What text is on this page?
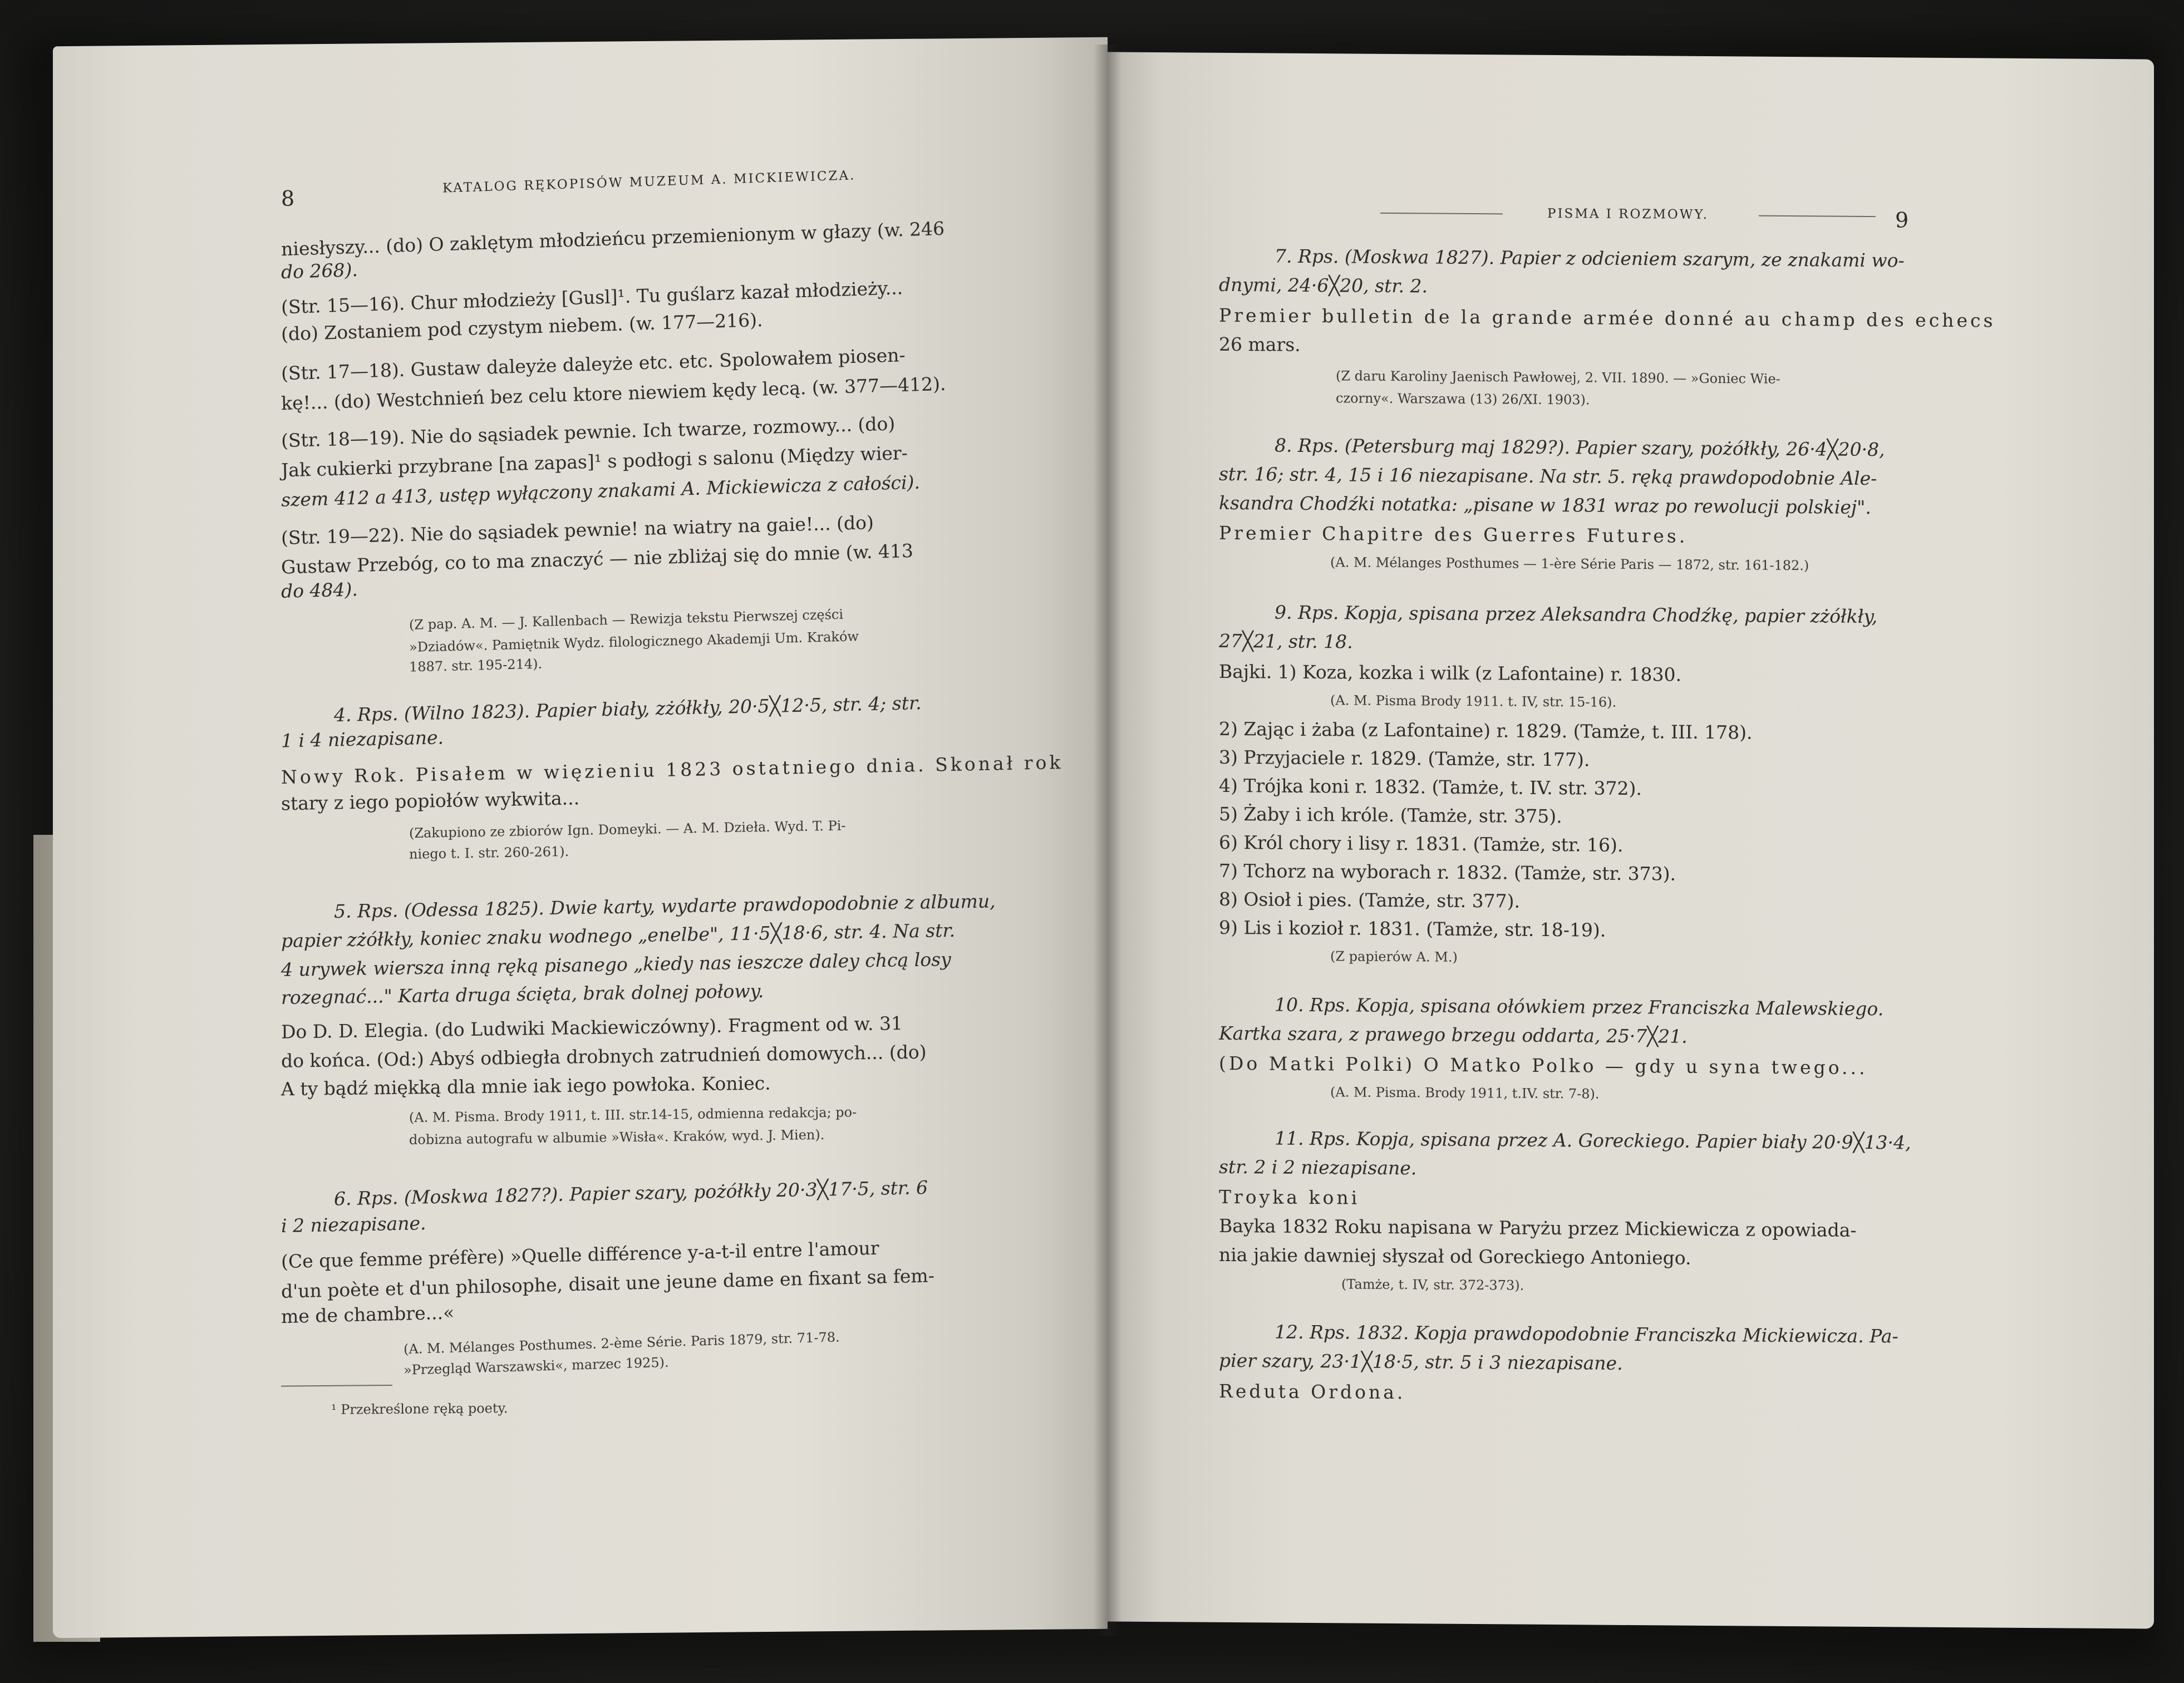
8
KATALOG RĘKOPISÓW MUZEUM A. MICKIEWICZA.
niesłyszy... (do) O zaklętym młodzieńcu przemienionym w głazy (w. 246
do 268).
(Str. 15—16). Chur młodzieży [Gusl]¹. Tu guślarz kazał młodzieży...
(do) Zostaniem pod czystym niebem. (w. 177—216).
(Str. 17—18). Gustaw daleyże daleyże etc. etc. Spolowałem piosen-
kę!... (do) Westchnień bez celu ktore niewiem kędy lecą. (w. 377—412).
(Str. 18—19). Nie do sąsiadek pewnie. Ich twarze, rozmowy... (do)
Jak cukierki przybrane [na zapas]¹ s podłogi s salonu (Między wier-
szem 412 a 413, ustęp wyłączony znakami A. Mickiewicza z całości).
(Str. 19—22). Nie do sąsiadek pewnie! na wiatry na gaie!... (do)
Gustaw Przebóg, co to ma znaczyć — nie zbliżaj się do mnie (w. 413
do 484).
(Z pap. A. M. — J. Kallenbach — Rewizja tekstu Pierwszej części
»Dziadów«. Pamiętnik Wydz. filologicznego Akademji Um. Kraków
1887. str. 195-214).
4. Rps. (Wilno 1823). Papier biały, zżółkły, 20·5╳12·5, str. 4; str.
1 i 4 niezapisane.
Nowy Rok. Pisałem w więzieniu 1823 ostatniego dnia. Skonał rok
stary z iego popiołów wykwita...
(Zakupiono ze zbiorów Ign. Domeyki. — A. M. Dzieła. Wyd. T. Pi-
niego t. I. str. 260-261).
5. Rps. (Odessa 1825). Dwie karty, wydarte prawdopodobnie z albumu,
papier zżółkły, koniec znaku wodnego „enelbe", 11·5╳18·6, str. 4. Na str.
4 urywek wiersza inną ręką pisanego „kiedy nas ieszcze daley chcą losy
rozegnać..." Karta druga ścięta, brak dolnej połowy.
Do D. D. Elegia. (do Ludwiki Mackiewiczówny). Fragment od w. 31
do końca. (Od:) Abyś odbiegła drobnych zatrudnień domowych... (do)
A ty bądź miękką dla mnie iak iego powłoka. Koniec.
(A. M. Pisma. Brody 1911, t. III. str.14-15, odmienna redakcja; po-
dobizna autografu w albumie »Wisła«. Kraków, wyd. J. Mien).
6. Rps. (Moskwa 1827?). Papier szary, pożółkły 20·3╳17·5, str. 6
i 2 niezapisane.
(Ce que femme préfère) »Quelle différence y-a-t-il entre l'amour
d'un poète et d'un philosophe, disait une jeune dame en fixant sa fem-
me de chambre...«
(A. M. Mélanges Posthumes. 2-ème Série. Paris 1879, str. 71-78.
»Przegląd Warszawski«, marzec 1925).
¹ Przekreślone ręką poety.
PISMA I ROZMOWY.	9
7. Rps. (Moskwa 1827). Papier z odcieniem szarym, ze znakami wo-
dnymi, 24·6╳20, str. 2.
Premier bulletin de la grande armée donné au champ des echecs
26 mars.
(Z daru Karoliny Jaenisch Pawłowej, 2. VII. 1890. — »Goniec Wie-
czorny«. Warszawa (13) 26/XI. 1903).
8. Rps. (Petersburg maj 1829?). Papier szary, pożółkły, 26·4╳20·8,
str. 16; str. 4, 15 i 16 niezapisane. Na str. 5. ręką prawdopodobnie Ale-
ksandra Chodźki notatka: „pisane w 1831 wraz po rewolucji polskiej".
Premier Chapitre des Guerres Futures.
(A. M. Mélanges Posthumes — 1-ère Série Paris — 1872, str. 161-182.)
9. Rps. Kopja, spisana przez Aleksandra Chodźkę, papier zżółkły,
27╳21, str. 18.
Bajki. 1) Koza, kozka i wilk (z Lafontaine) r. 1830.
(A. M. Pisma Brody 1911. t. IV, str. 15-16).
2) Zając i żaba (z Lafontaine) r. 1829. (Tamże, t. III. 178).
3) Przyjaciele r. 1829. (Tamże, str. 177).
4) Trójka koni r. 1832. (Tamże, t. IV. str. 372).
5) Żaby i ich króle. (Tamże, str. 375).
6) Król chory i lisy r. 1831. (Tamże, str. 16).
7) Tchorz na wyborach r. 1832. (Tamże, str. 373).
8) Osioł i pies. (Tamże, str. 377).
9) Lis i kozioł r. 1831. (Tamże, str. 18-19).
(Z papierów A. M.)
10. Rps. Kopja, spisana ołówkiem przez Franciszka Malewskiego.
Kartka szara, z prawego brzegu oddarta, 25·7╳21.
(Do Matki Polki) O Matko Polko — gdy u syna twego...
(A. M. Pisma. Brody 1911, t.IV. str. 7-8).
11. Rps. Kopja, spisana przez A. Goreckiego. Papier biały 20·9╳13·4,
str. 2 i 2 niezapisane.
Troyka koni
Bayka 1832 Roku napisana w Paryżu przez Mickiewicza z opowiada-
nia jakie dawniej słyszał od Goreckiego Antoniego.
(Tamże, t. IV, str. 372-373).
12. Rps. 1832. Kopja prawdopodobnie Franciszka Mickiewicza. Pa-
pier szary, 23·1╳18·5, str. 5 i 3 niezapisane.
Reduta Ordona.
